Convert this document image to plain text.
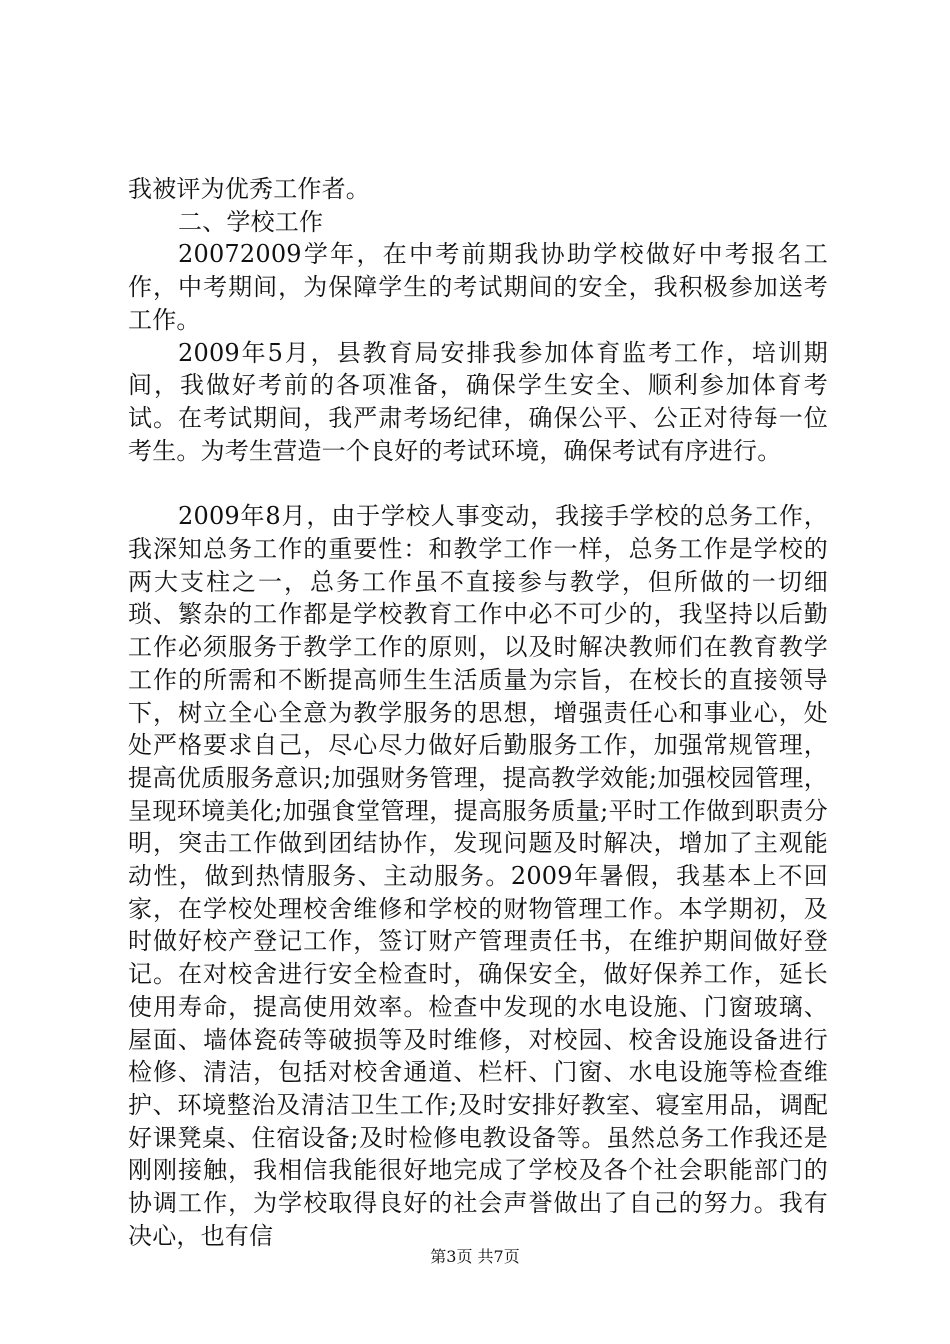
我被评为优秀工作者。

二、学校工作

20072009学年，在中考前期我协助学校做好中考报名工作，中考期间，为保障学生的考试期间的安全，我积极参加送考工作。

2009年5月，县教育局安排我参加体育监考工作，培训期间，我做好考前的各项准备，确保学生安全、顺利参加体育考试。在考试期间，我严肃考场纪律，确保公平、公正对待每一位考生。为考生营造一个良好的考试环境，确保考试有序进行。

2009年8月，由于学校人事变动，我接手学校的总务工作，我深知总务工作的重要性：和教学工作一样，总务工作是学校的两大支柱之一，总务工作虽不直接参与教学，但所做的一切细琐、繁杂的工作都是学校教育工作中必不可少的，我坚持以后勤工作必须服务于教学工作的原则，以及时解决教师们在教育教学工作的所需和不断提高师生生活质量为宗旨，在校长的直接领导下，树立全心全意为教学服务的思想，增强责任心和事业心，处处严格要求自己，尽心尽力做好后勤服务工作，加强常规管理，提高优质服务意识;加强财务管理，提高教学效能;加强校园管理，呈现环境美化;加强食堂管理，提高服务质量;平时工作做到职责分明，突击工作做到团结协作，发现问题及时解决，增加了主观能动性，做到热情服务、主动服务。2009年暑假，我基本上不回家，在学校处理校舍维修和学校的财物管理工作。本学期初，及时做好校产登记工作，签订财产管理责任书，在维护期间做好登记。在对校舍进行安全检查时，确保安全，做好保养工作，延长使用寿命，提高使用效率。检查中发现的水电设施、门窗玻璃、屋面、墙体瓷砖等破损等及时维修，对校园、校舍设施设备进行检修、清洁，包括对校舍通道、栏杆、门窗、水电设施等检查维护、环境整治及清洁卫生工作;及时安排好教室、寝室用品，调配好课凳桌、住宿设备;及时检修电教设备等。虽然总务工作我还是刚刚接触，我相信我能很好地完成了学校及各个社会职能部门的协调工作，为学校取得良好的社会声誉做出了自己的努力。我有决心，也有信

第3页 共7页
